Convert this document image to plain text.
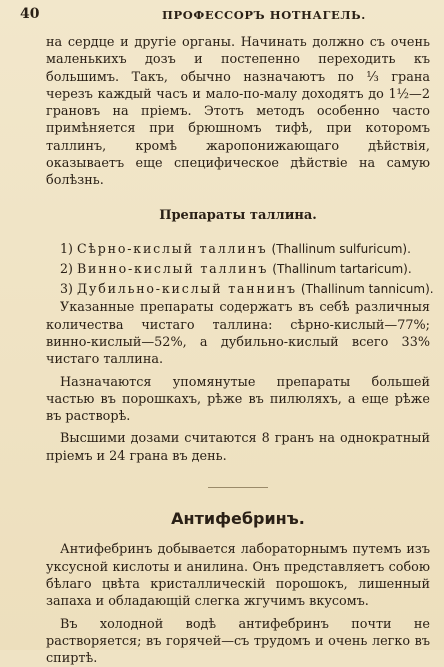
40	ПРОФЕССОРЪ НОТНАГЕЛЬ.

на сердце и другiе органы. Начинать должно съ очень маленькихъ дозъ и постепенно переходить къ большимъ. Такъ, обычно назначаютъ по ⅓ грана черезъ каждый часъ и мало-по-малу доходятъ до 1½—2 грановъ на прiемъ. Этотъ методъ особенно часто примѣняется при брюшномъ тифѣ, при которомъ таллинъ, кромѣ жаропонижающаго дѣйствiя, оказываетъ еще специфическое дѣйствiе на самую болѣзнь.

Препараты таллина.
1) Сѣрно-кислый таллинъ (Thallinum sulfuricum).
2) Винно-кислый таллинъ (Thallinum tartaricum).
3) Дубильно-кислый таннинъ (Thallinum tannicum).

Указанные препараты содержатъ въ себѣ различныя количества чистаго таллина: сѣрно-кислый—77%; винно-кислый—52%, а дубильно-кислый всего 33% чистаго таллина.

Назначаются упомянутые препараты большей частью въ порошкахъ, рѣже въ пилюляхъ, а еще рѣже въ растворѣ.

Высшими дозами считаются 8 гранъ на однократный прiемъ и 24 грана въ день.

Антифебринъ.

Антифебринъ добывается лабораторнымъ путемъ изъ уксусной кислоты и анилина. Онъ представляетъ собою бѣлаго цвѣта кристаллическiй порошокъ, лишенный запаха и обладающiй слегка жгучимъ вкусомъ.

Въ холодной водѣ антифебринъ почти не растворяется; въ горячей—съ трудомъ и очень легко въ спиртѣ.
